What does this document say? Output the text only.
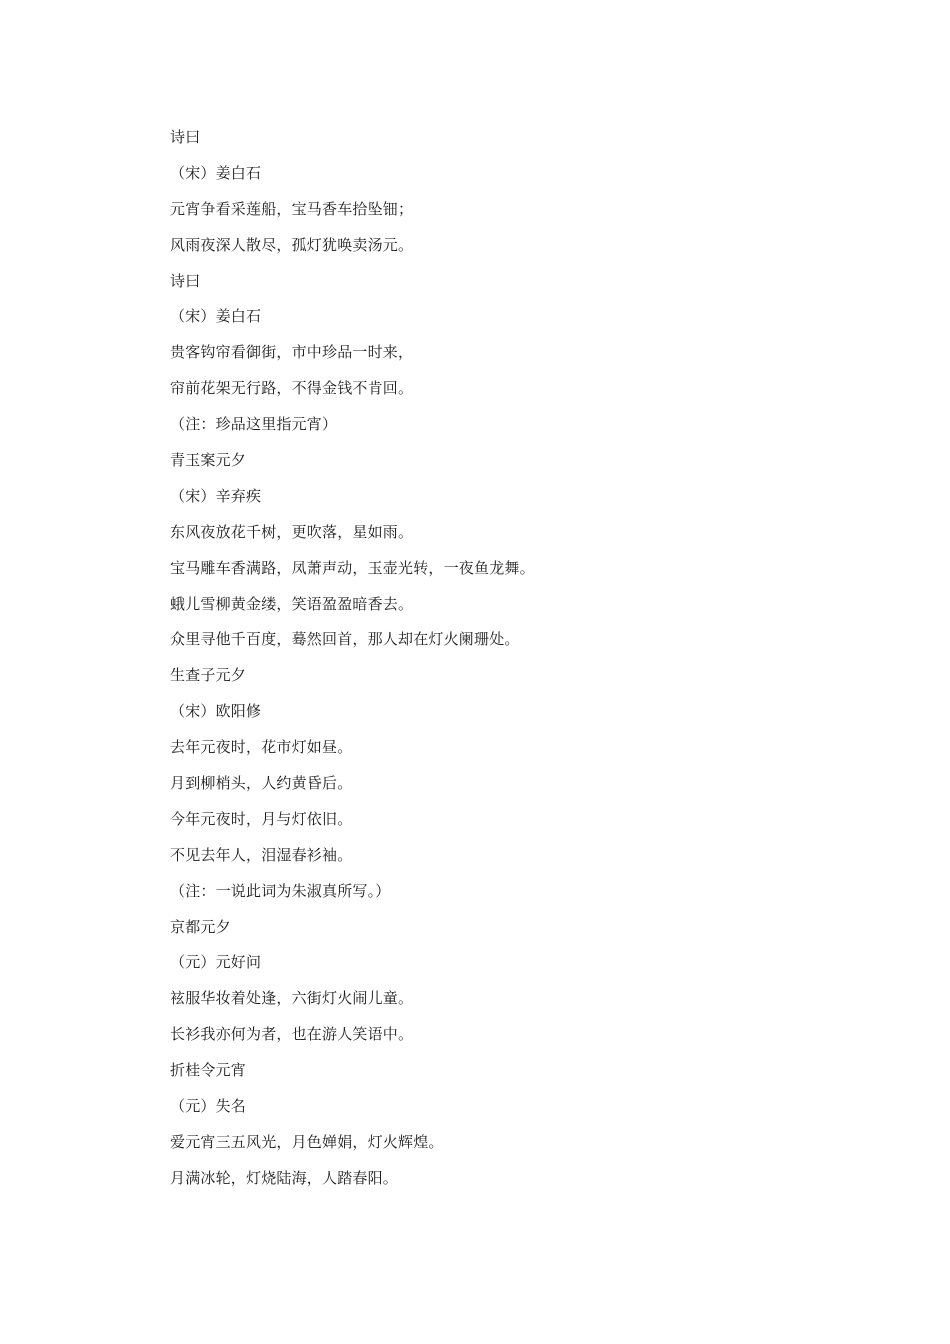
诗曰
（宋）姜白石
元宵争看采莲船，宝马香车拾坠钿；
风雨夜深人散尽，孤灯犹唤卖汤元。
诗曰
（宋）姜白石
贵客钩帘看御街，市中珍品一时来，
帘前花架无行路，不得金钱不肯回。
（注：珍品这里指元宵）
青玉案元夕
（宋）辛弃疾
东风夜放花千树，更吹落，星如雨。
宝马雕车香满路，凤萧声动，玉壶光转，一夜鱼龙舞。
蛾儿雪柳黄金缕，笑语盈盈暗香去。
众里寻他千百度，蓦然回首，那人却在灯火阑珊处。
生查子元夕
（宋）欧阳修
去年元夜时，花市灯如昼。
月到柳梢头，人约黄昏后。
今年元夜时，月与灯依旧。
不见去年人，泪湿春衫袖。
（注：一说此词为朱淑真所写。）
京都元夕
（元）元好问
袨服华妆着处逢，六街灯火闹儿童。
长衫我亦何为者，也在游人笑语中。
折桂令元宵
（元）失名
爱元宵三五风光，月色婵娟，灯火辉煌。
月满冰轮，灯烧陆海，人踏春阳。
